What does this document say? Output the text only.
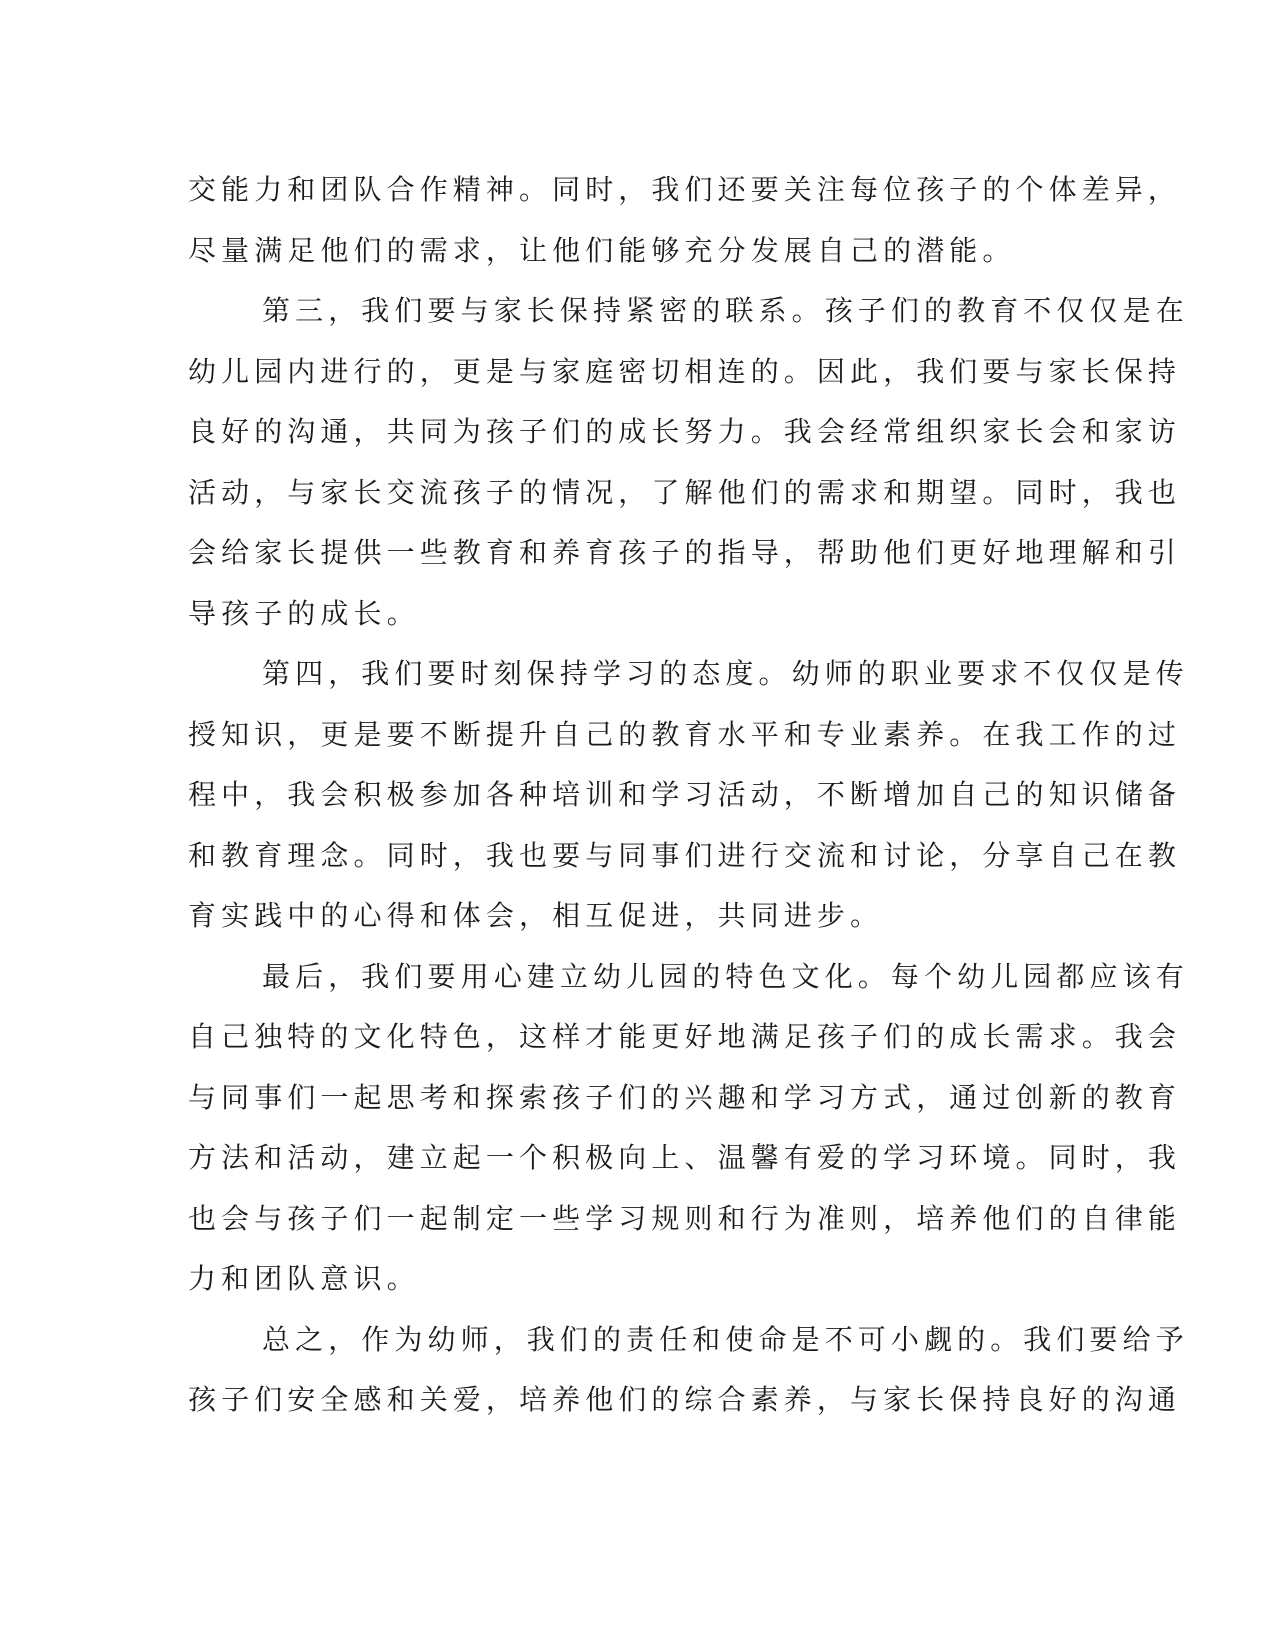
交能力和团队合作精神。同时，我们还要关注每位孩子的个体差异，
尽量满足他们的需求，让他们能够充分发展自己的潜能。
第三，我们要与家长保持紧密的联系。孩子们的教育不仅仅是在
幼儿园内进行的，更是与家庭密切相连的。因此，我们要与家长保持
良好的沟通，共同为孩子们的成长努力。我会经常组织家长会和家访
活动，与家长交流孩子的情况，了解他们的需求和期望。同时，我也
会给家长提供一些教育和养育孩子的指导，帮助他们更好地理解和引
导孩子的成长。
第四，我们要时刻保持学习的态度。幼师的职业要求不仅仅是传
授知识，更是要不断提升自己的教育水平和专业素养。在我工作的过
程中，我会积极参加各种培训和学习活动，不断增加自己的知识储备
和教育理念。同时，我也要与同事们进行交流和讨论，分享自己在教
育实践中的心得和体会，相互促进，共同进步。
最后，我们要用心建立幼儿园的特色文化。每个幼儿园都应该有
自己独特的文化特色，这样才能更好地满足孩子们的成长需求。我会
与同事们一起思考和探索孩子们的兴趣和学习方式，通过创新的教育
方法和活动，建立起一个积极向上、温馨有爱的学习环境。同时，我
也会与孩子们一起制定一些学习规则和行为准则，培养他们的自律能
力和团队意识。
总之，作为幼师，我们的责任和使命是不可小觑的。我们要给予
孩子们安全感和关爱，培养他们的综合素养，与家长保持良好的沟通
